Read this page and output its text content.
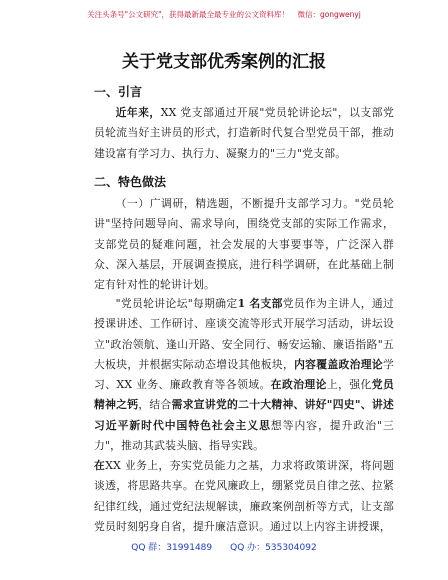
关注头条号"公文研究"，获得最新最全最专业的公文资料库！ 微信：gongwenyj
关于党支部优秀案例的汇报
一、引言
近年来，XX 党支部通过开展"党员轮讲论坛"，以支部党员轮流当好主讲员的形式，打造新时代复合型党员干部，推动建设富有学习力、执行力、凝聚力的"三力"党支部。
二、特色做法
（一）广调研，精选题，不断提升支部学习力。"党员轮讲"坚持问题导向、需求导向，围绕党支部的实际工作需求，支部党员的疑难问题，社会发展的大事要事等，广泛深入群众、深入基层，开展调查摸底，进行科学调研，在此基础上制定有针对性的轮讲计划。
"党员轮讲论坛"每期确定1 名支部党员作为主讲人，通过授课讲述、工作研讨、座谈交流等形式开展学习活动，讲坛设立"政治领航、逢山开路、安全同行、畅安运输、廉语指路"五大板块，并根据实际动态增设其他板块，内容覆盖政治理论学习、XX 业务、廉政教育等各领域。在政治理论上，强化党员精神之钙，结合需求宣讲党的二十大精神、讲好"四史"、讲述习近平新时代中国特色社会主义思想等内容，提升政治"三力"，推动其武装头脑、指导实践。
在XX 业务上，夯实党员能力之基，力求将政策讲深，将问题谈透，将思路共享。在党风廉政上，绷紧党员自律之弦、拉紧纪律红线，通过党纪法规解读，廉政案例剖析等方式，让支部党员时刻躬身自省，提升廉洁意识。通过以上内容主讲授课，
QQ 群：31991489 QQ 办：535304092
